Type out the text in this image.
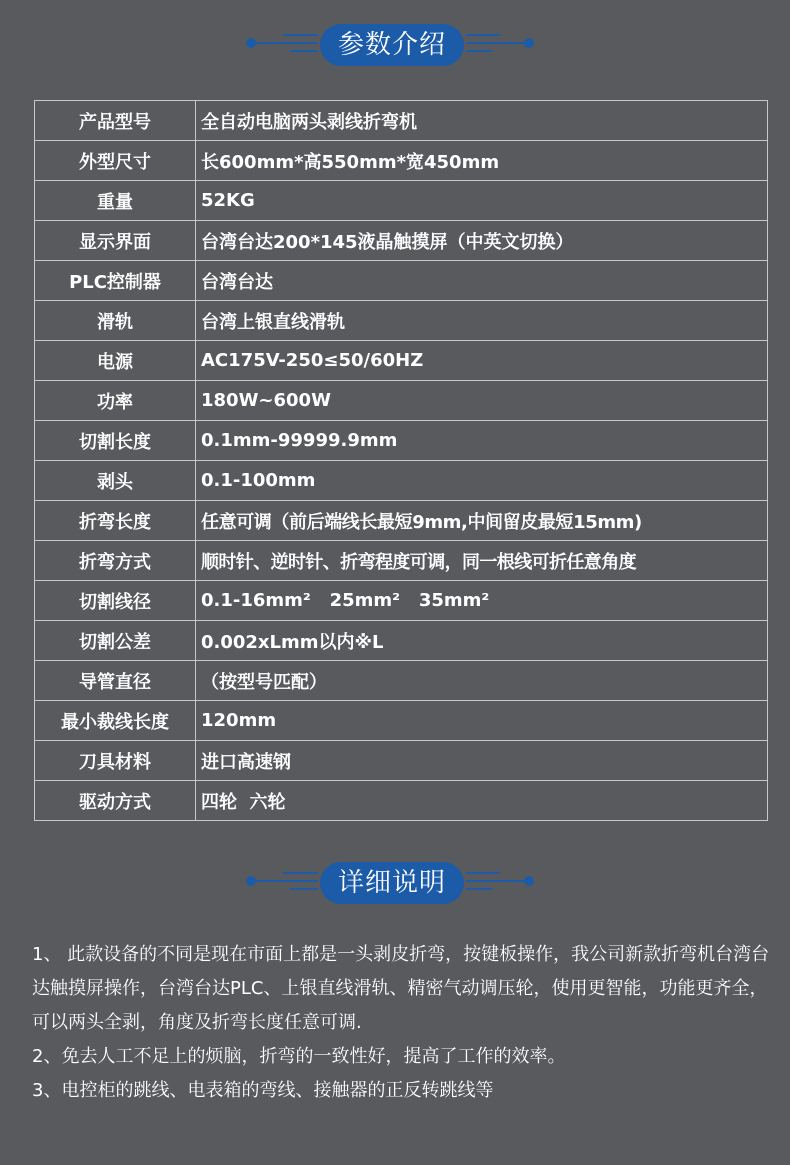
参数介绍
产品型号	全自动电脑两头剥线折弯机
外型尺寸	长600mm*高550mm*宽450mm
重量	52KG
显示界面	台湾台达200*145液晶触摸屏（中英文切换）
PLC控制器	台湾台达
滑轨	台湾上银直线滑轨
电源	AC175V-250≤50/60HZ
功率	180W~600W
切割长度	0.1mm-99999.9mm
剥头	0.1-100mm
折弯长度	任意可调（前后端线长最短9mm,中间留皮最短15mm)
折弯方式	顺时针、逆时针、折弯程度可调，同一根线可折任意角度
切割线径	0.1-16mm²   25mm²   35mm²
切割公差	0.002xLmm以内※L
导管直径	（按型号匹配）
最小裁线长度	120mm
刀具材料	进口高速钢
驱动方式	四轮  六轮
详细说明

1、 此款设备的不同是现在市面上都是一头剥皮折弯，按键板操作，我公司新款折弯机台湾台达触摸屏操作，台湾台达PLC、上银直线滑轨、精密气动调压轮，使用更智能，功能更齐全，可以两头全剥，角度及折弯长度任意可调.

2、免去人工不足上的烦脑，折弯的一致性好，提高了工作的效率。

3、电控柜的跳线、电表箱的弯线、接触器的正反转跳线等
